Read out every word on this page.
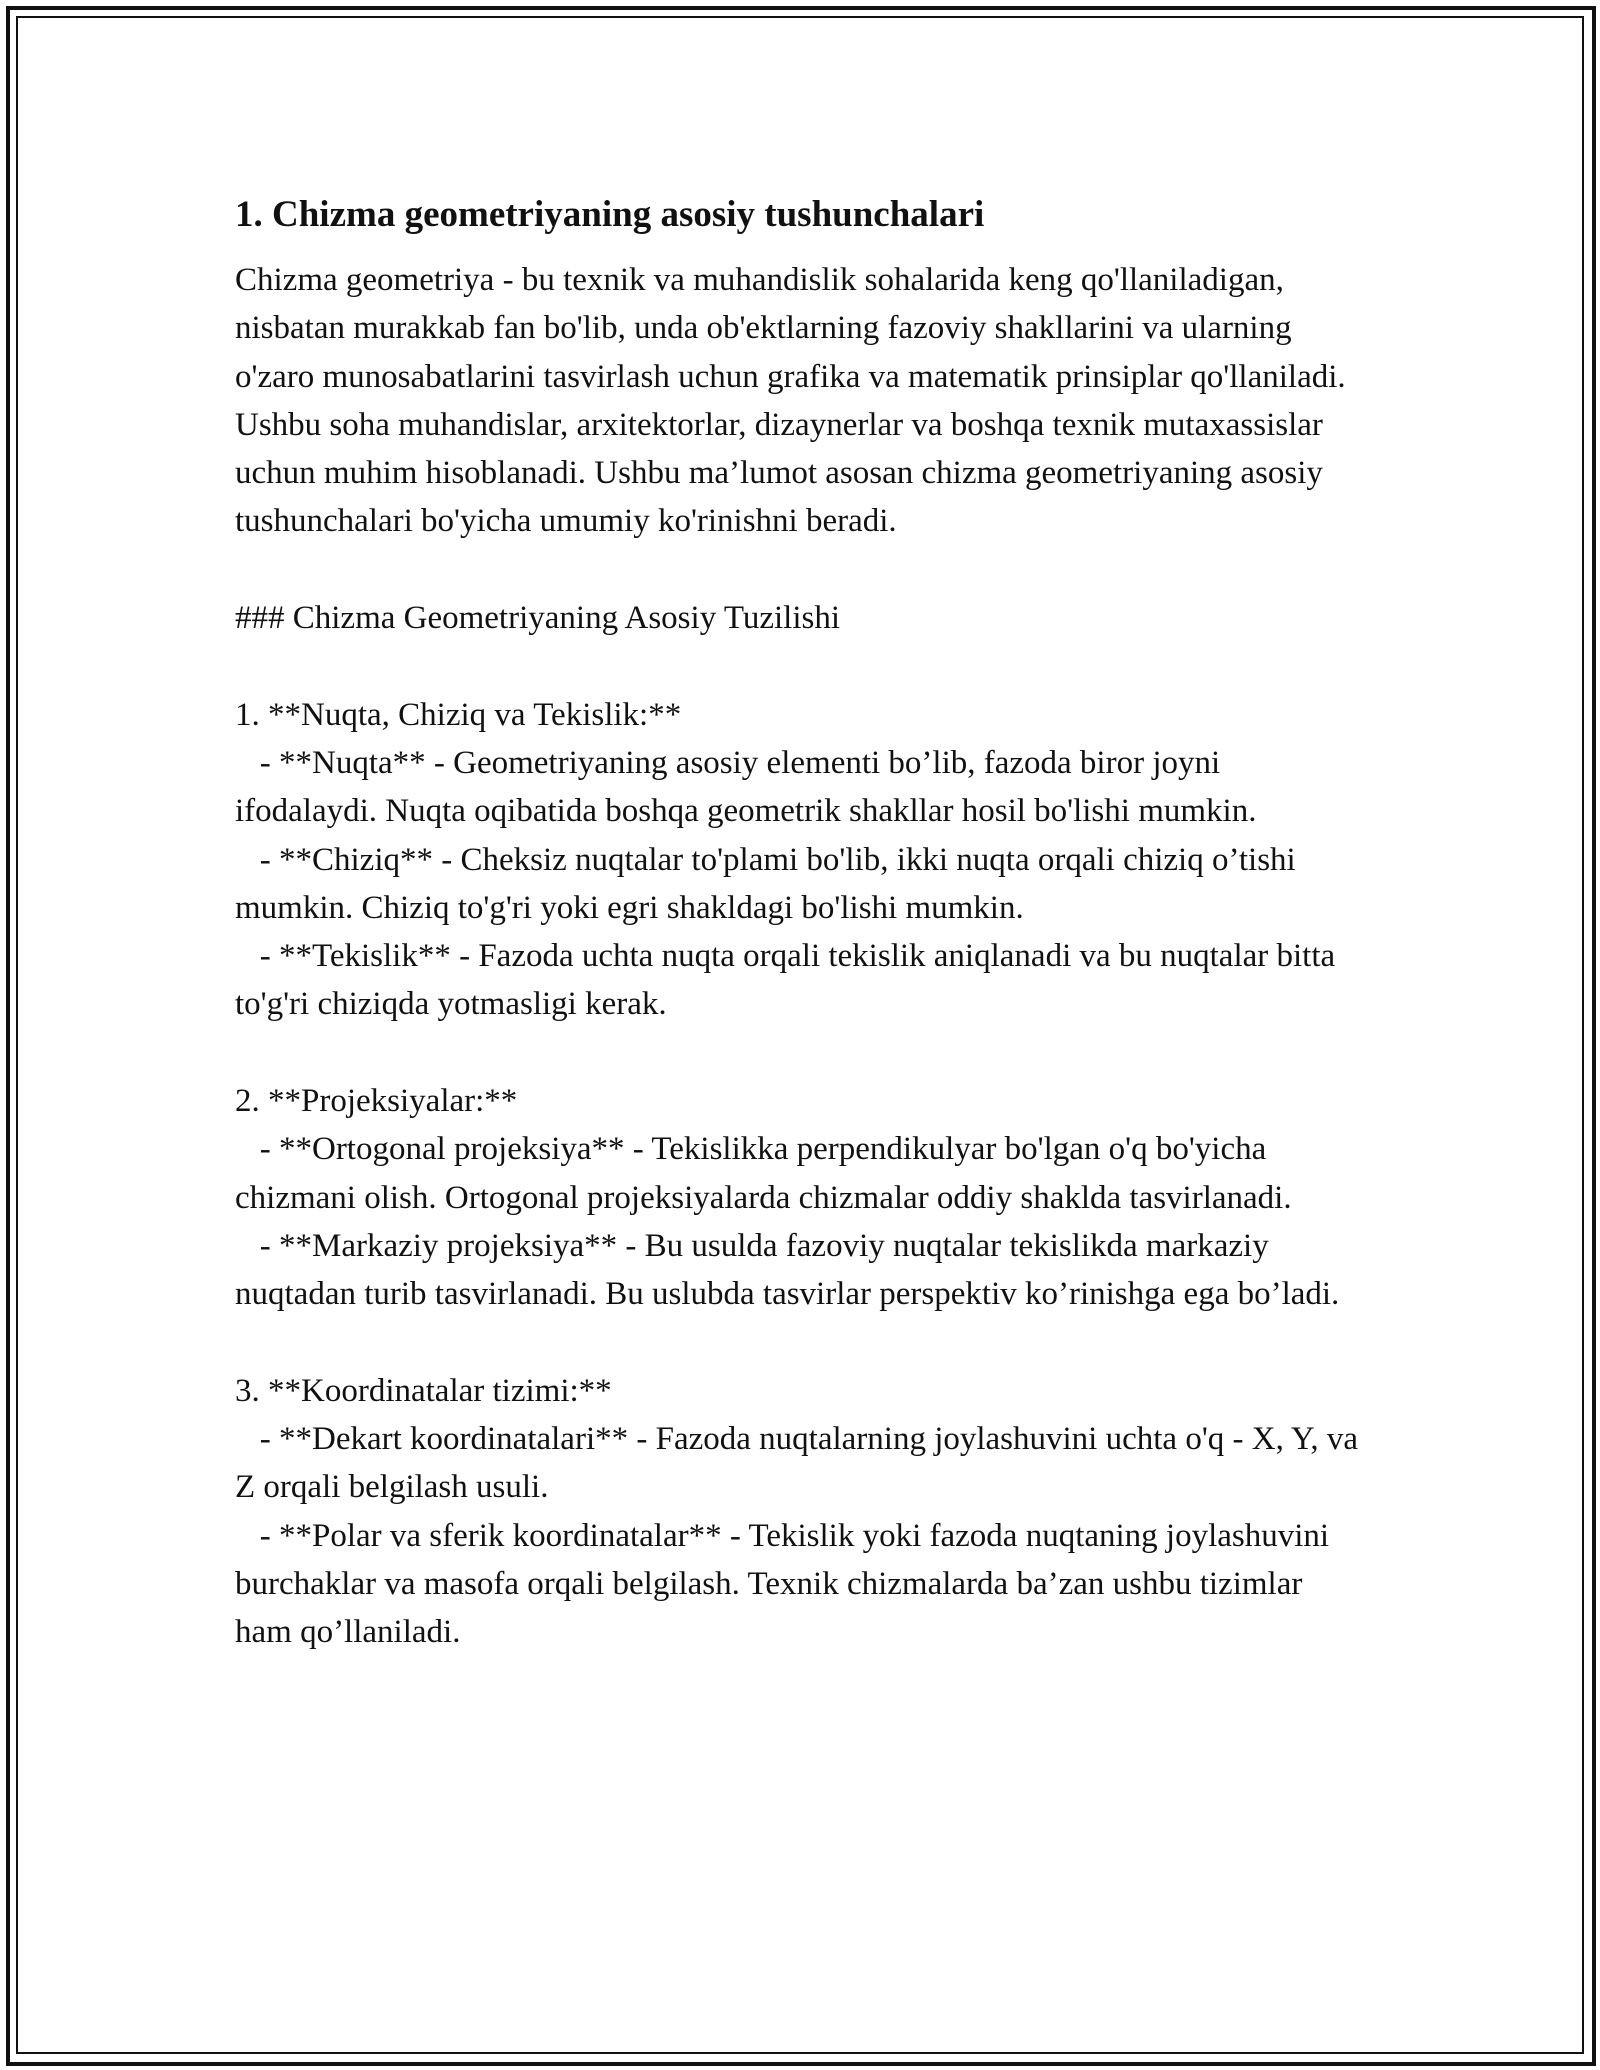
1. Chizma geometriyaning asosiy tushunchalari

Chizma geometriya - bu texnik va muhandislik sohalarida keng qo'llaniladigan, nisbatan murakkab fan bo'lib, unda ob'ektlarning fazoviy shakllarini va ularning o'zaro munosabatlarini tasvirlash uchun grafika va matematik prinsiplar qo'llaniladi. Ushbu soha muhandislar, arxitektorlar, dizaynerlar va boshqa texnik mutaxassislar uchun muhim hisoblanadi. Ushbu ma’lumot asosan chizma geometriyaning asosiy tushunchalari bo'yicha umumiy ko'rinishni beradi.

### Chizma Geometriyaning Asosiy Tuzilishi

1. **Nuqta, Chiziq va Tekislik:**

- **Nuqta** - Geometriyaning asosiy elementi bo’lib, fazoda biror joyni ifodalaydi. Nuqta oqibatida boshqa geometrik shakllar hosil bo'lishi mumkin.

- **Chiziq** - Cheksiz nuqtalar to'plami bo'lib, ikki nuqta orqali chiziq o’tishi mumkin. Chiziq to'g'ri yoki egri shakldagi bo'lishi mumkin.

- **Tekislik** - Fazoda uchta nuqta orqali tekislik aniqlanadi va bu nuqtalar bitta to'g'ri chiziqda yotmasligi kerak.

2. **Projeksiyalar:**

- **Ortogonal projeksiya** - Tekislikka perpendikulyar bo'lgan o'q bo'yicha chizmani olish. Ortogonal projeksiyalarda chizmalar oddiy shaklda tasvirlanadi.

- **Markaziy projeksiya** - Bu usulda fazoviy nuqtalar tekislikda markaziy nuqtadan turib tasvirlanadi. Bu uslubda tasvirlar perspektiv ko’rinishga ega bo’ladi.

3. **Koordinatalar tizimi:**

- **Dekart koordinatalari** - Fazoda nuqtalarning joylashuvini uchta o'q - X, Y, va Z orqali belgilash usuli.

- **Polar va sferik koordinatalar** - Tekislik yoki fazoda nuqtaning joylashuvini burchaklar va masofa orqali belgilash. Texnik chizmalarda ba’zan ushbu tizimlar ham qo’llaniladi.
